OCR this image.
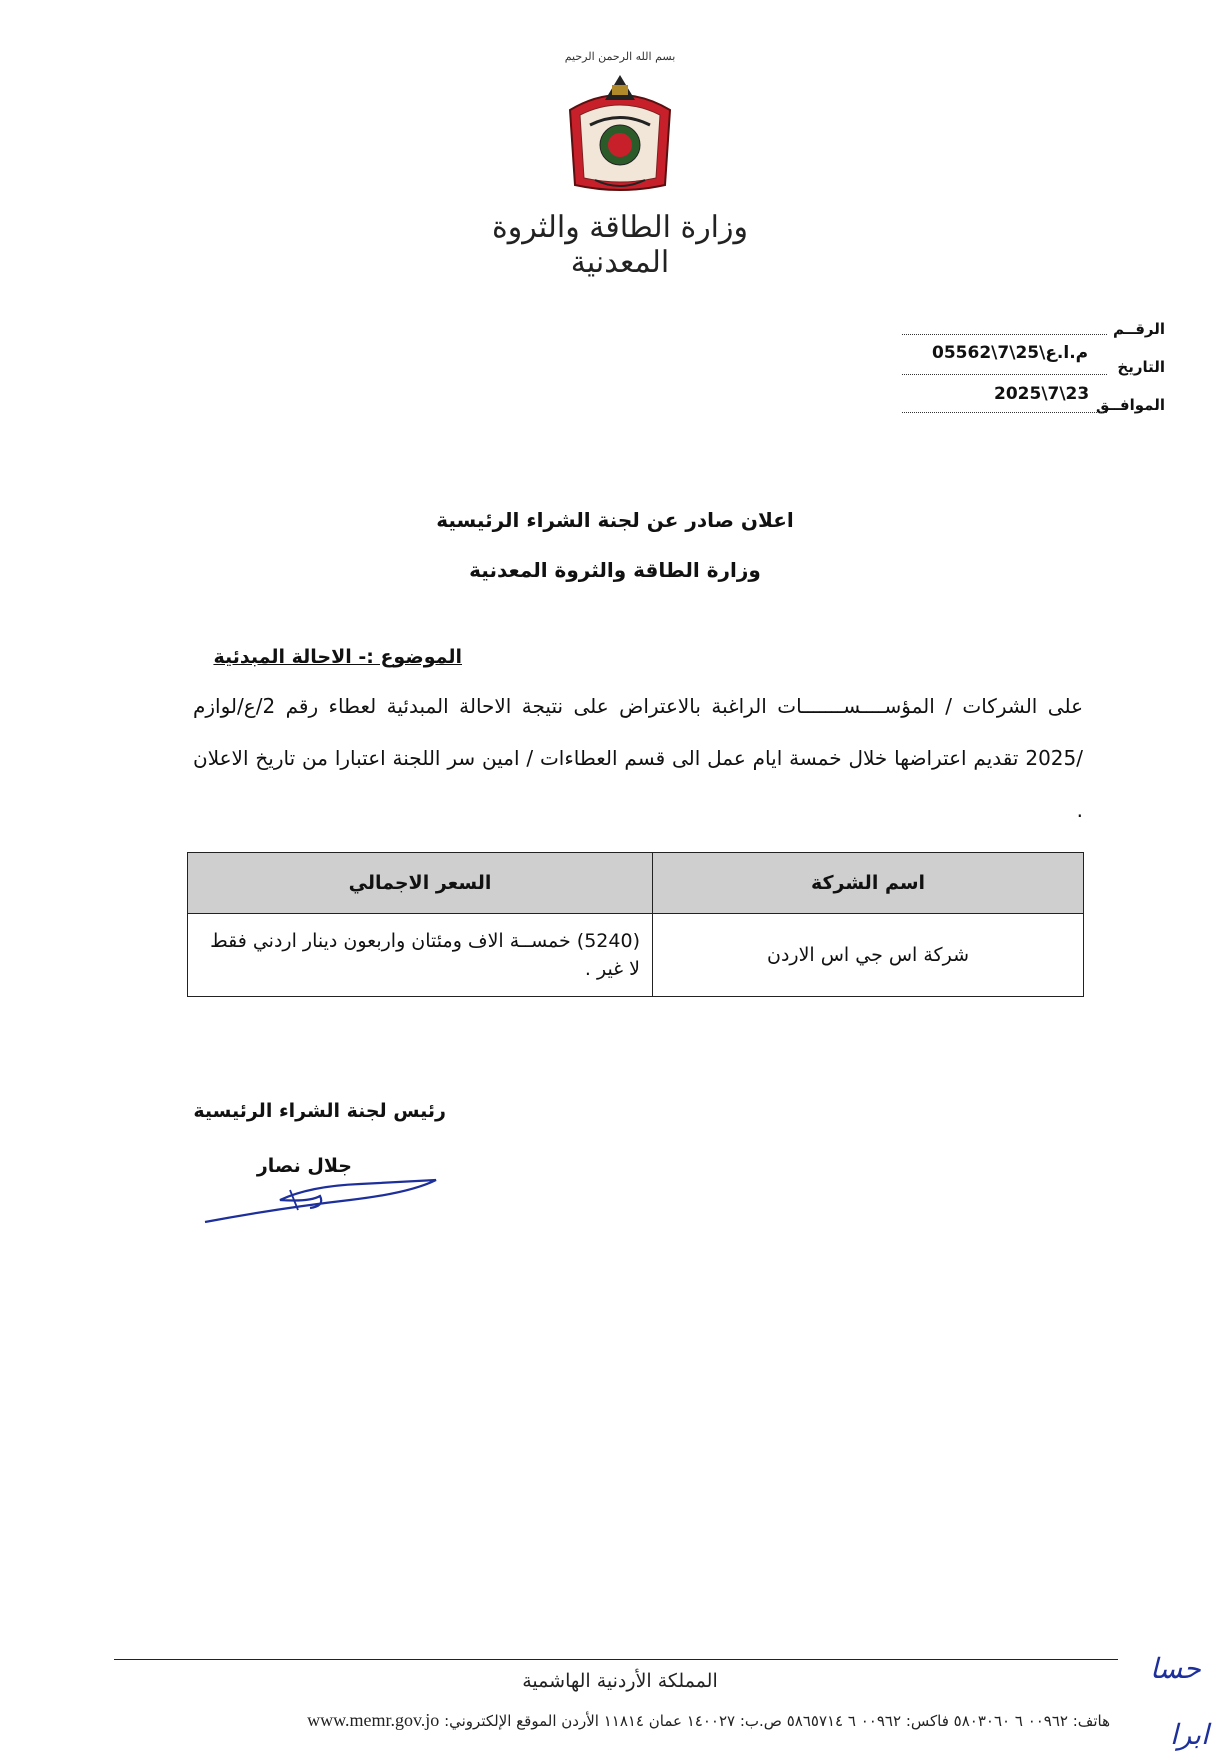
بسم الله الرحمن الرحيم
وزارة الطاقة والثروة المعدنية
الرقــم
م.ا.ع\25\7\05562
التاريخ
2025\7\23
الموافــق
اعلان صادر عن لجنة الشراء الرئيسية
وزارة الطاقة والثروة المعدنية
الموضوع :- الاحالة المبدئية
على الشركات / المؤســــســـــــات الراغبة بالاعتراض على نتيجة الاحالة المبدئية لعطاء رقم 2/ع/لوازم /2025 تقديم اعتراضها خلال خمسة ايام عمل الى قسم العطاءات / امين سر اللجنة اعتبارا من تاريخ الاعلان .
اسم الشركة	السعر الاجمالي
شركة اس جي اس الاردن	(5240) خمســة الاف ومئتان واربعون دينار اردني فقط لا غير .
رئيس لجنة الشراء الرئيسية
جلال نصار
ﺣﺴﺎ
ﺍﺑﺮﺍ
المملكة الأردنية الهاشمية
هاتف: ٠٠٩٦٢ ٦ ٥٨٠٣٠٦٠ فاكس: ٠٠٩٦٢ ٦ ٥٨٦٥٧١٤ ص.ب: ١٤٠٠٢٧ عمان ١١٨١٤ الأردن الموقع الإلكتروني: www.memr.gov.jo
